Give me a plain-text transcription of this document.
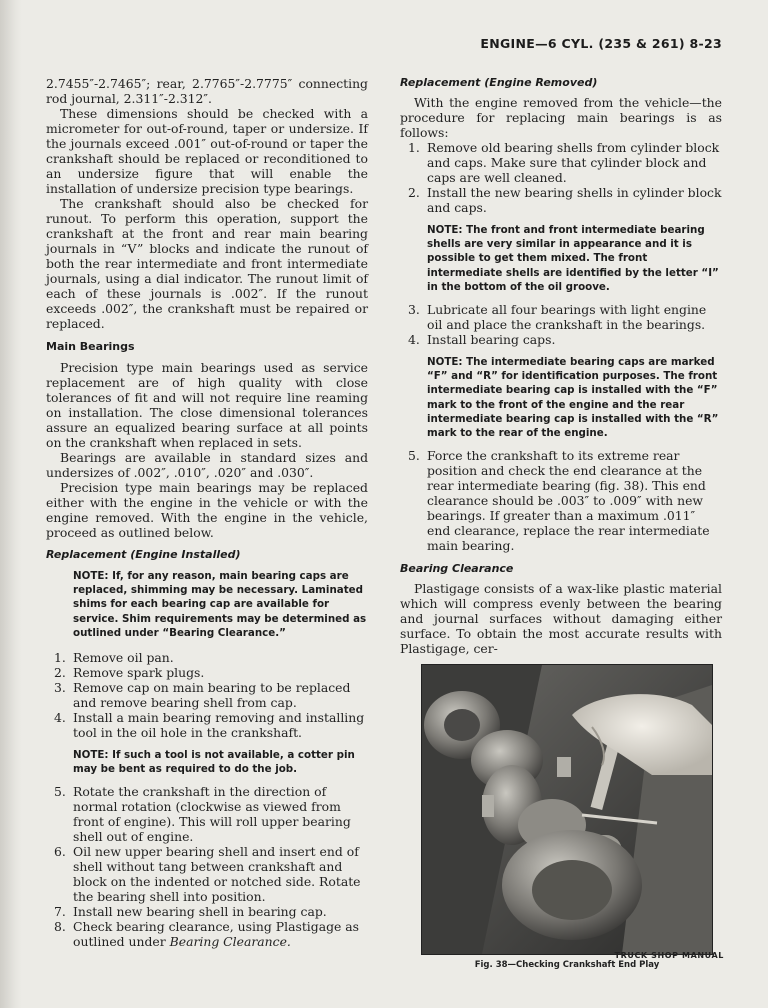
ENGINE—6 CYL. (235 & 261) 8-23

2.7455″-2.7465″; rear, 2.7765″-2.7775″ connecting rod journal, 2.311″-2.312″.

These dimensions should be checked with a micrometer for out-of-round, taper or undersize. If the journals exceed .001″ out-of-round or taper the crankshaft should be replaced or reconditioned to an undersize figure that will enable the installation of undersize precision type bearings.

The crankshaft should also be checked for runout. To perform this operation, support the crankshaft at the front and rear main bearing journals in “V” blocks and indicate the runout of both the rear intermediate and front intermediate journals, using a dial indicator. The runout limit of each of these journals is .002″. If the runout exceeds .002″, the crankshaft must be repaired or replaced.

Main Bearings

Precision type main bearings used as service replacement are of high quality with close tolerances of fit and will not require line reaming on installation. The close dimensional tolerances assure an equalized bearing surface at all points on the crankshaft when replaced in sets.

Bearings are available in standard sizes and undersizes of .002″, .010″, .020″ and .030″.

Precision type main bearings may be replaced either with the engine in the vehicle or with the engine removed. With the engine in the vehicle, proceed as outlined below.

Replacement (Engine Installed)
NOTE: If, for any reason, main bearing caps are replaced, shimming may be necessary. Laminated shims for each bearing cap are available for service. Shim requirements may be determined as outlined under “Bearing Clearance.”
1. Remove oil pan.
2. Remove spark plugs.
3. Remove cap on main bearing to be replaced and remove bearing shell from cap.
4. Install a main bearing removing and installing tool in the oil hole in the crankshaft.
NOTE: If such a tool is not available, a cotter pin may be bent as required to do the job.
5. Rotate the crankshaft in the direction of normal rotation (clockwise as viewed from front of engine). This will roll upper bearing shell out of engine.
6. Oil new upper bearing shell and insert end of shell without tang between crankshaft and block on the indented or notched side. Rotate the bearing shell into position.
7. Install new bearing shell in bearing cap.
8. Check bearing clearance, using Plastigage as outlined under Bearing Clearance.
Replacement (Engine Removed)

With the engine removed from the vehicle—the procedure for replacing main bearings is as follows:

1. Remove old bearing shells from cylinder block and caps. Make sure that cylinder block and caps are well cleaned.
2. Install the new bearing shells in cylinder block and caps.
NOTE: The front and front intermediate bearing shells are very similar in appearance and it is possible to get them mixed. The front intermediate shells are identified by the letter “I” in the bottom of the oil groove.
3. Lubricate all four bearings with light engine oil and place the crankshaft in the bearings.
4. Install bearing caps.
NOTE: The intermediate bearing caps are marked “F” and “R” for identification purposes. The front intermediate bearing cap is installed with the “F” mark to the front of the engine and the rear intermediate bearing cap is installed with the “R” mark to the rear of the engine.
5. Force the crankshaft to its extreme rear position and check the end clearance at the rear intermediate bearing (fig. 38). This end clearance should be .003″ to .009″ with new bearings. If greater than a maximum .011″ end clearance, replace the rear intermediate main bearing.
Bearing Clearance

Plastigage consists of a wax-like plastic material which will compress evenly between the bearing and journal surfaces without damaging either surface. To obtain the most accurate results with Plastigage, cer-

Fig. 38—Checking Crankshaft End Play
TRUCK SHOP MANUAL
